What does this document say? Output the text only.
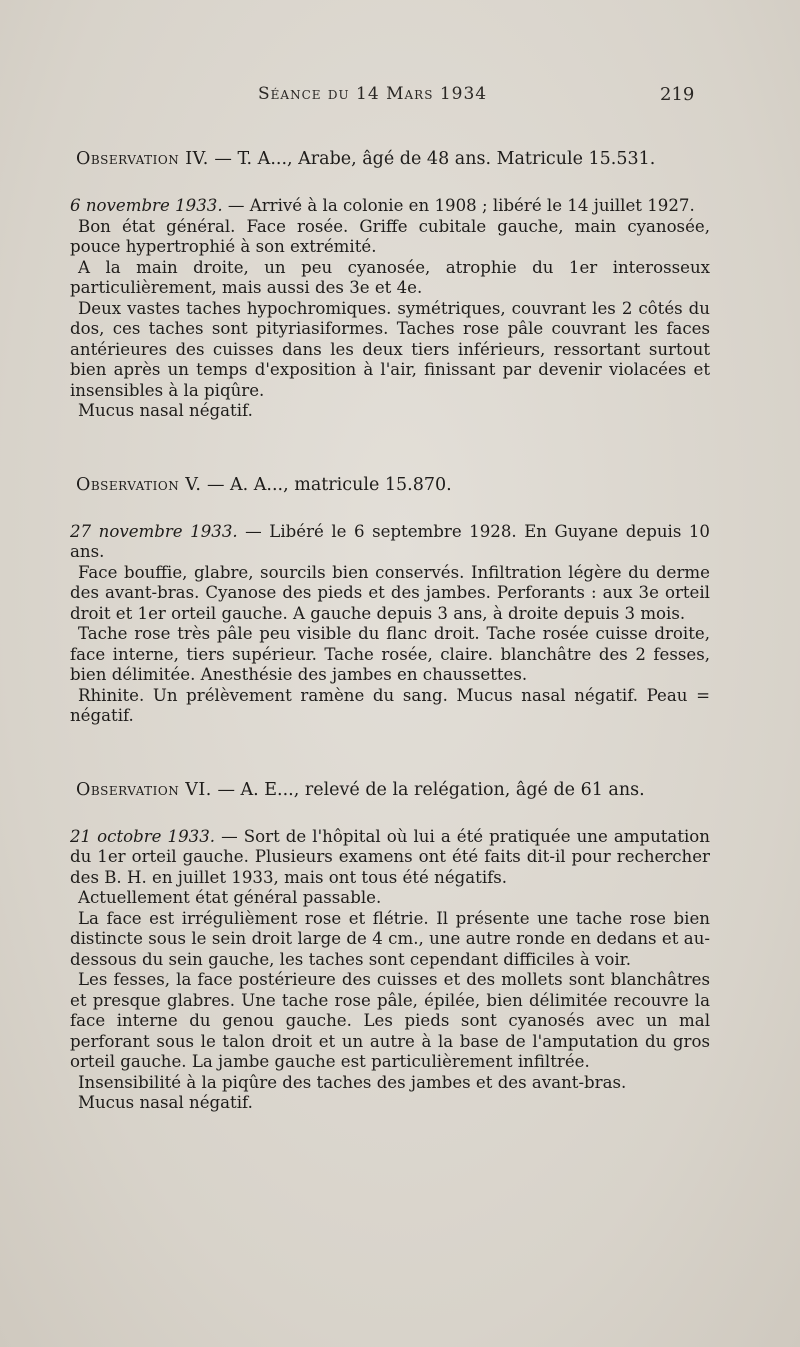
Séance du 14 Mars 1934	219
Observation IV. — T. A..., Arabe, âgé de 48 ans. Matricule 15.531.

6 novembre 1933. — Arrivé à la colonie en 1908 ; libéré le 14 juillet 1927.

Bon état général. Face rosée. Griffe cubitale gauche, main cyanosée, pouce hypertrophié à son extrémité.

A la main droite, un peu cyanosée, atrophie du 1er interosseux particulièrement, mais aussi des 3e et 4e.

Deux vastes taches hypochromiques. symétriques, couvrant les 2 côtés du dos, ces taches sont pityriasiformes. Taches rose pâle couvrant les faces antérieures des cuisses dans les deux tiers inférieurs, ressortant surtout bien après un temps d'exposition à l'air, finissant par devenir violacées et insensibles à la piqûre.

Mucus nasal négatif.

Observation V. — A. A..., matricule 15.870.

27 novembre 1933. — Libéré le 6 septembre 1928. En Guyane depuis 10 ans.

Face bouffie, glabre, sourcils bien conservés. Infiltration légère du derme des avant-bras. Cyanose des pieds et des jambes. Perforants : aux 3e orteil droit et 1er orteil gauche. A gauche depuis 3 ans, à droite depuis 3 mois.

Tache rose très pâle peu visible du flanc droit. Tache rosée cuisse droite, face interne, tiers supérieur. Tache rosée, claire. blanchâtre des 2 fesses, bien délimitée. Anesthésie des jambes en chaussettes.

Rhinite. Un prélèvement ramène du sang. Mucus nasal négatif. Peau = négatif.

Observation VI. — A. E..., relevé de la relégation, âgé de 61 ans.

21 octobre 1933. — Sort de l'hôpital où lui a été pratiquée une amputation du 1er orteil gauche. Plusieurs examens ont été faits dit-il pour rechercher des B. H. en juillet 1933, mais ont tous été négatifs.

Actuellement état général passable.

La face est irrégulièment rose et flétrie. Il présente une tache rose bien distincte sous le sein droit large de 4 cm., une autre ronde en dedans et au-dessous du sein gauche, les taches sont cependant difficiles à voir.

Les fesses, la face postérieure des cuisses et des mollets sont blanchâtres et presque glabres. Une tache rose pâle, épilée, bien délimitée recouvre la face interne du genou gauche. Les pieds sont cyanosés avec un mal perforant sous le talon droit et un autre à la base de l'amputation du gros orteil gauche. La jambe gauche est particulièrement infiltrée.

Insensibilité à la piqûre des taches des jambes et des avant-bras.

Mucus nasal négatif.
